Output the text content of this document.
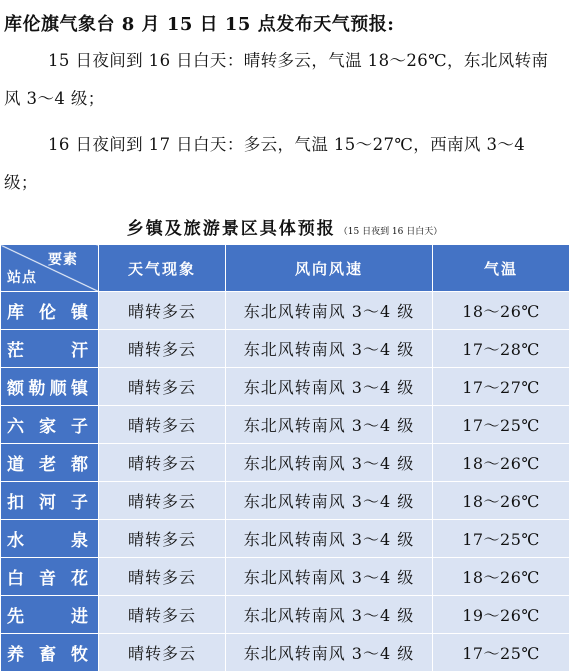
库伦旗气象台 8 月 15 日 15 点发布天气预报:
15 日夜间到 16 日白天：晴转多云，气温 18～26℃，东北风转南风 3～4 级；
16 日夜间到 17 日白天：多云，气温 15～27℃，西南风 3～4 级；
乡镇及旅游景区具体预报 （15 日夜到 16 日白天）
要素
站点	天气现象	风向风速	气温

库伦镇	晴转多云	东北风转南风 3～4 级	18～26℃

茫　汗	晴转多云	东北风转南风 3～4 级	17～28℃

额勒顺镇	晴转多云	东北风转南风 3～4 级	17～27℃

六家子	晴转多云	东北风转南风 3～4 级	17～25℃

道老都	晴转多云	东北风转南风 3～4 级	18～26℃

扣河子	晴转多云	东北风转南风 3～4 级	18～26℃

水　泉	晴转多云	东北风转南风 3～4 级	17～25℃

白音花	晴转多云	东北风转南风 3～4 级	18～26℃

先　进	晴转多云	东北风转南风 3～4 级	19～26℃

养畜牧	晴转多云	东北风转南风 3～4 级	17～25℃
